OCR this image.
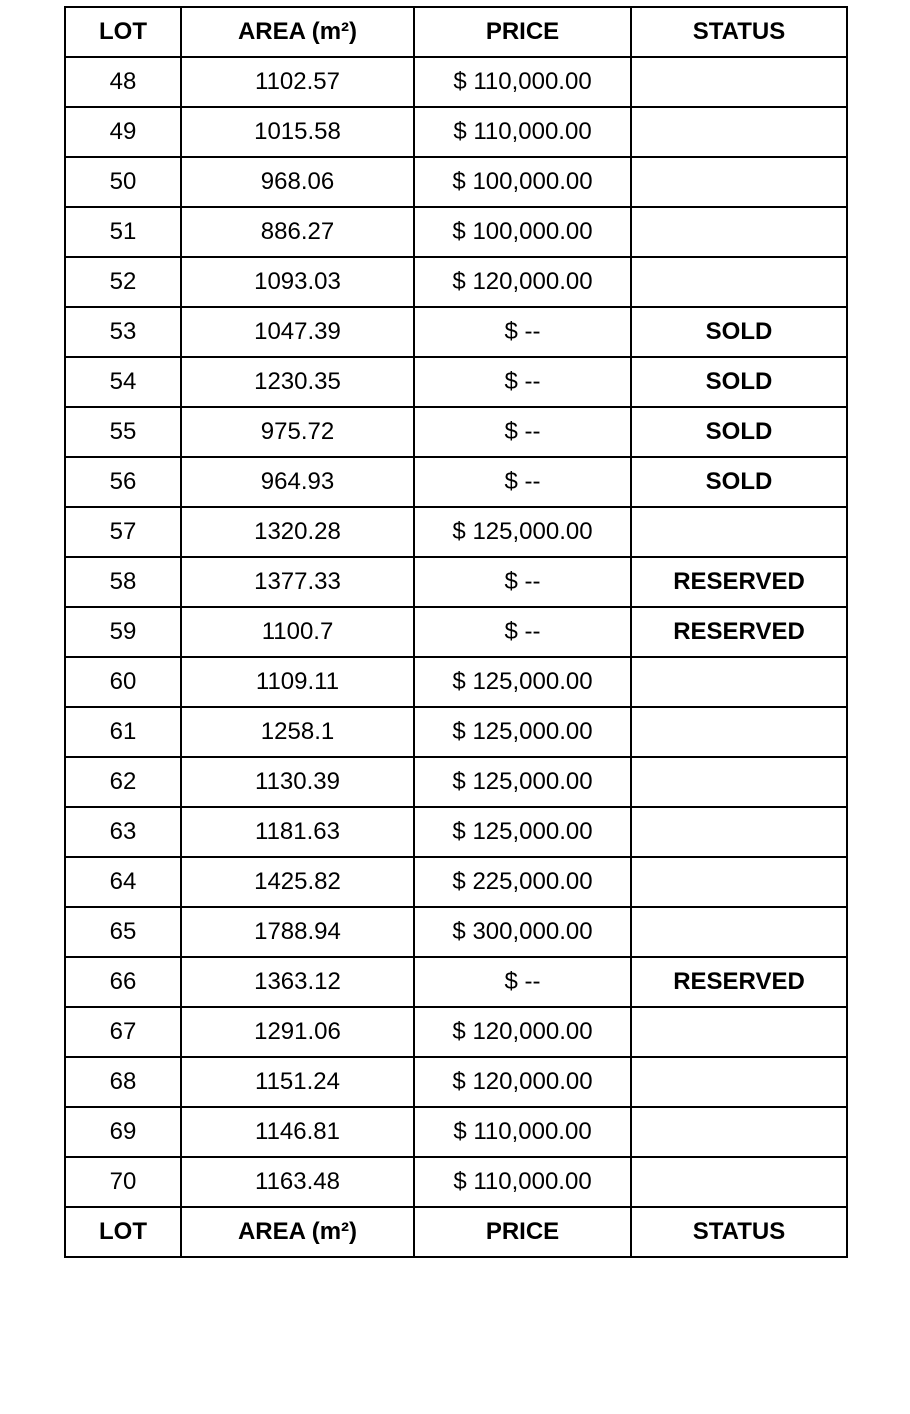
LOT	AREA (m²)	PRICE	STATUS
48	1102.57	$ 110,000.00	
49	1015.58	$ 110,000.00	
50	968.06	$ 100,000.00	
51	886.27	$ 100,000.00	
52	1093.03	$ 120,000.00	
53	1047.39	$ --	SOLD
54	1230.35	$ --	SOLD
55	975.72	$ --	SOLD
56	964.93	$ --	SOLD
57	1320.28	$ 125,000.00	
58	1377.33	$ --	RESERVED
59	1100.7	$ --	RESERVED
60	1109.11	$ 125,000.00	
61	1258.1	$ 125,000.00	
62	1130.39	$ 125,000.00	
63	1181.63	$ 125,000.00	
64	1425.82	$ 225,000.00	
65	1788.94	$ 300,000.00	
66	1363.12	$ --	RESERVED
67	1291.06	$ 120,000.00	
68	1151.24	$ 120,000.00	
69	1146.81	$ 110,000.00	
70	1163.48	$ 110,000.00	
LOT	AREA (m²)	PRICE	STATUS
